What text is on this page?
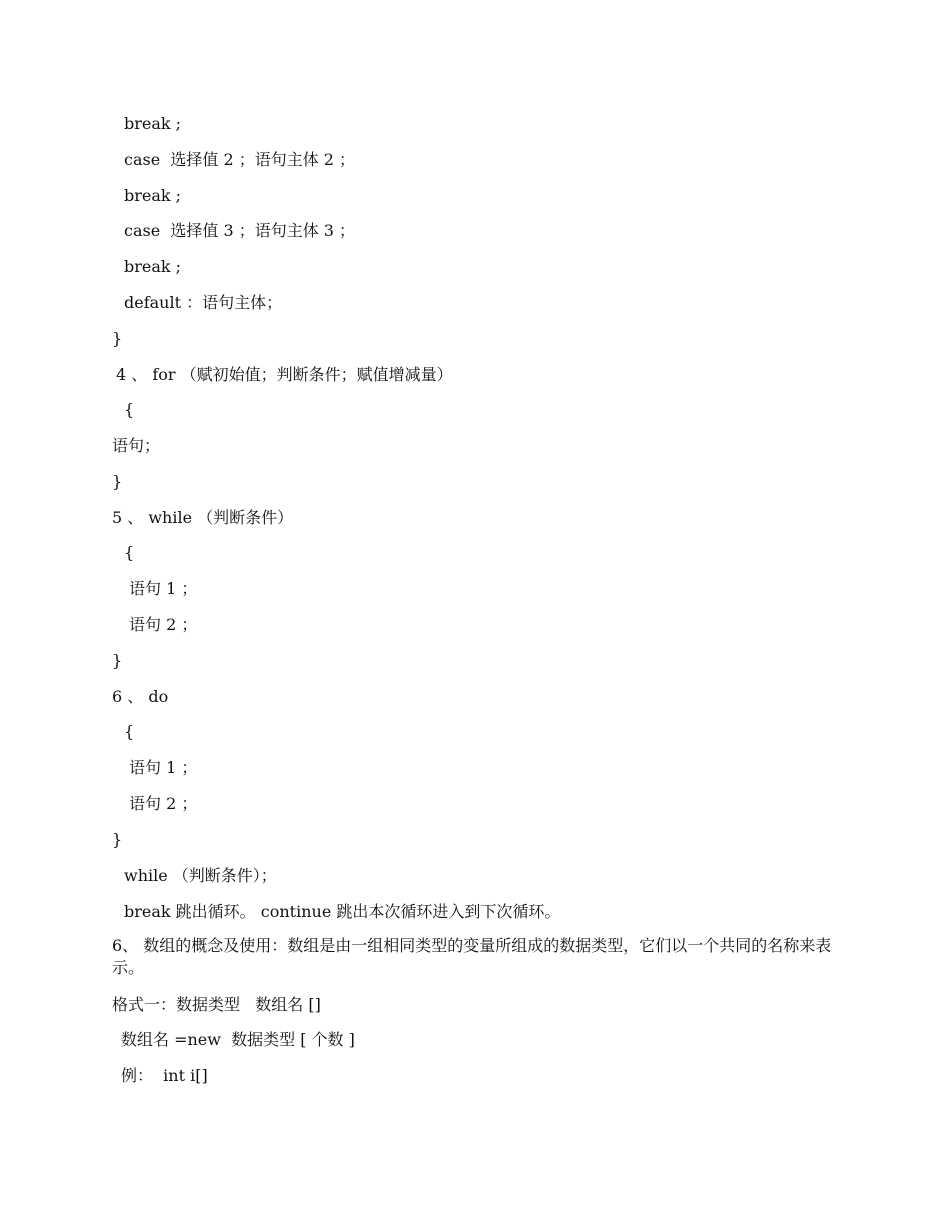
break ;
case  选择值 2 ；语句主体 2 ；
break ;
case  选择值 3 ；语句主体 3 ；
break ;
default ：语句主体；
}
4 、 for （赋初始值；判断条件；赋值增减量）
{
语句；
}
5 、 while （判断条件）
{
语句 1 ；
语句 2 ；
}
6 、 do
{
语句 1 ；
语句 2 ；
}
while （判断条件）；
break 跳出循环。 continue 跳出本次循环进入到下次循环。
6、 数组的概念及使用：数组是由一组相同类型的变量所组成的数据类型，它们以一个共同的名称来表示。
格式一：数据类型   数组名 []
数组名 =new  数据类型 [ 个数 ]
例：  int i[]
